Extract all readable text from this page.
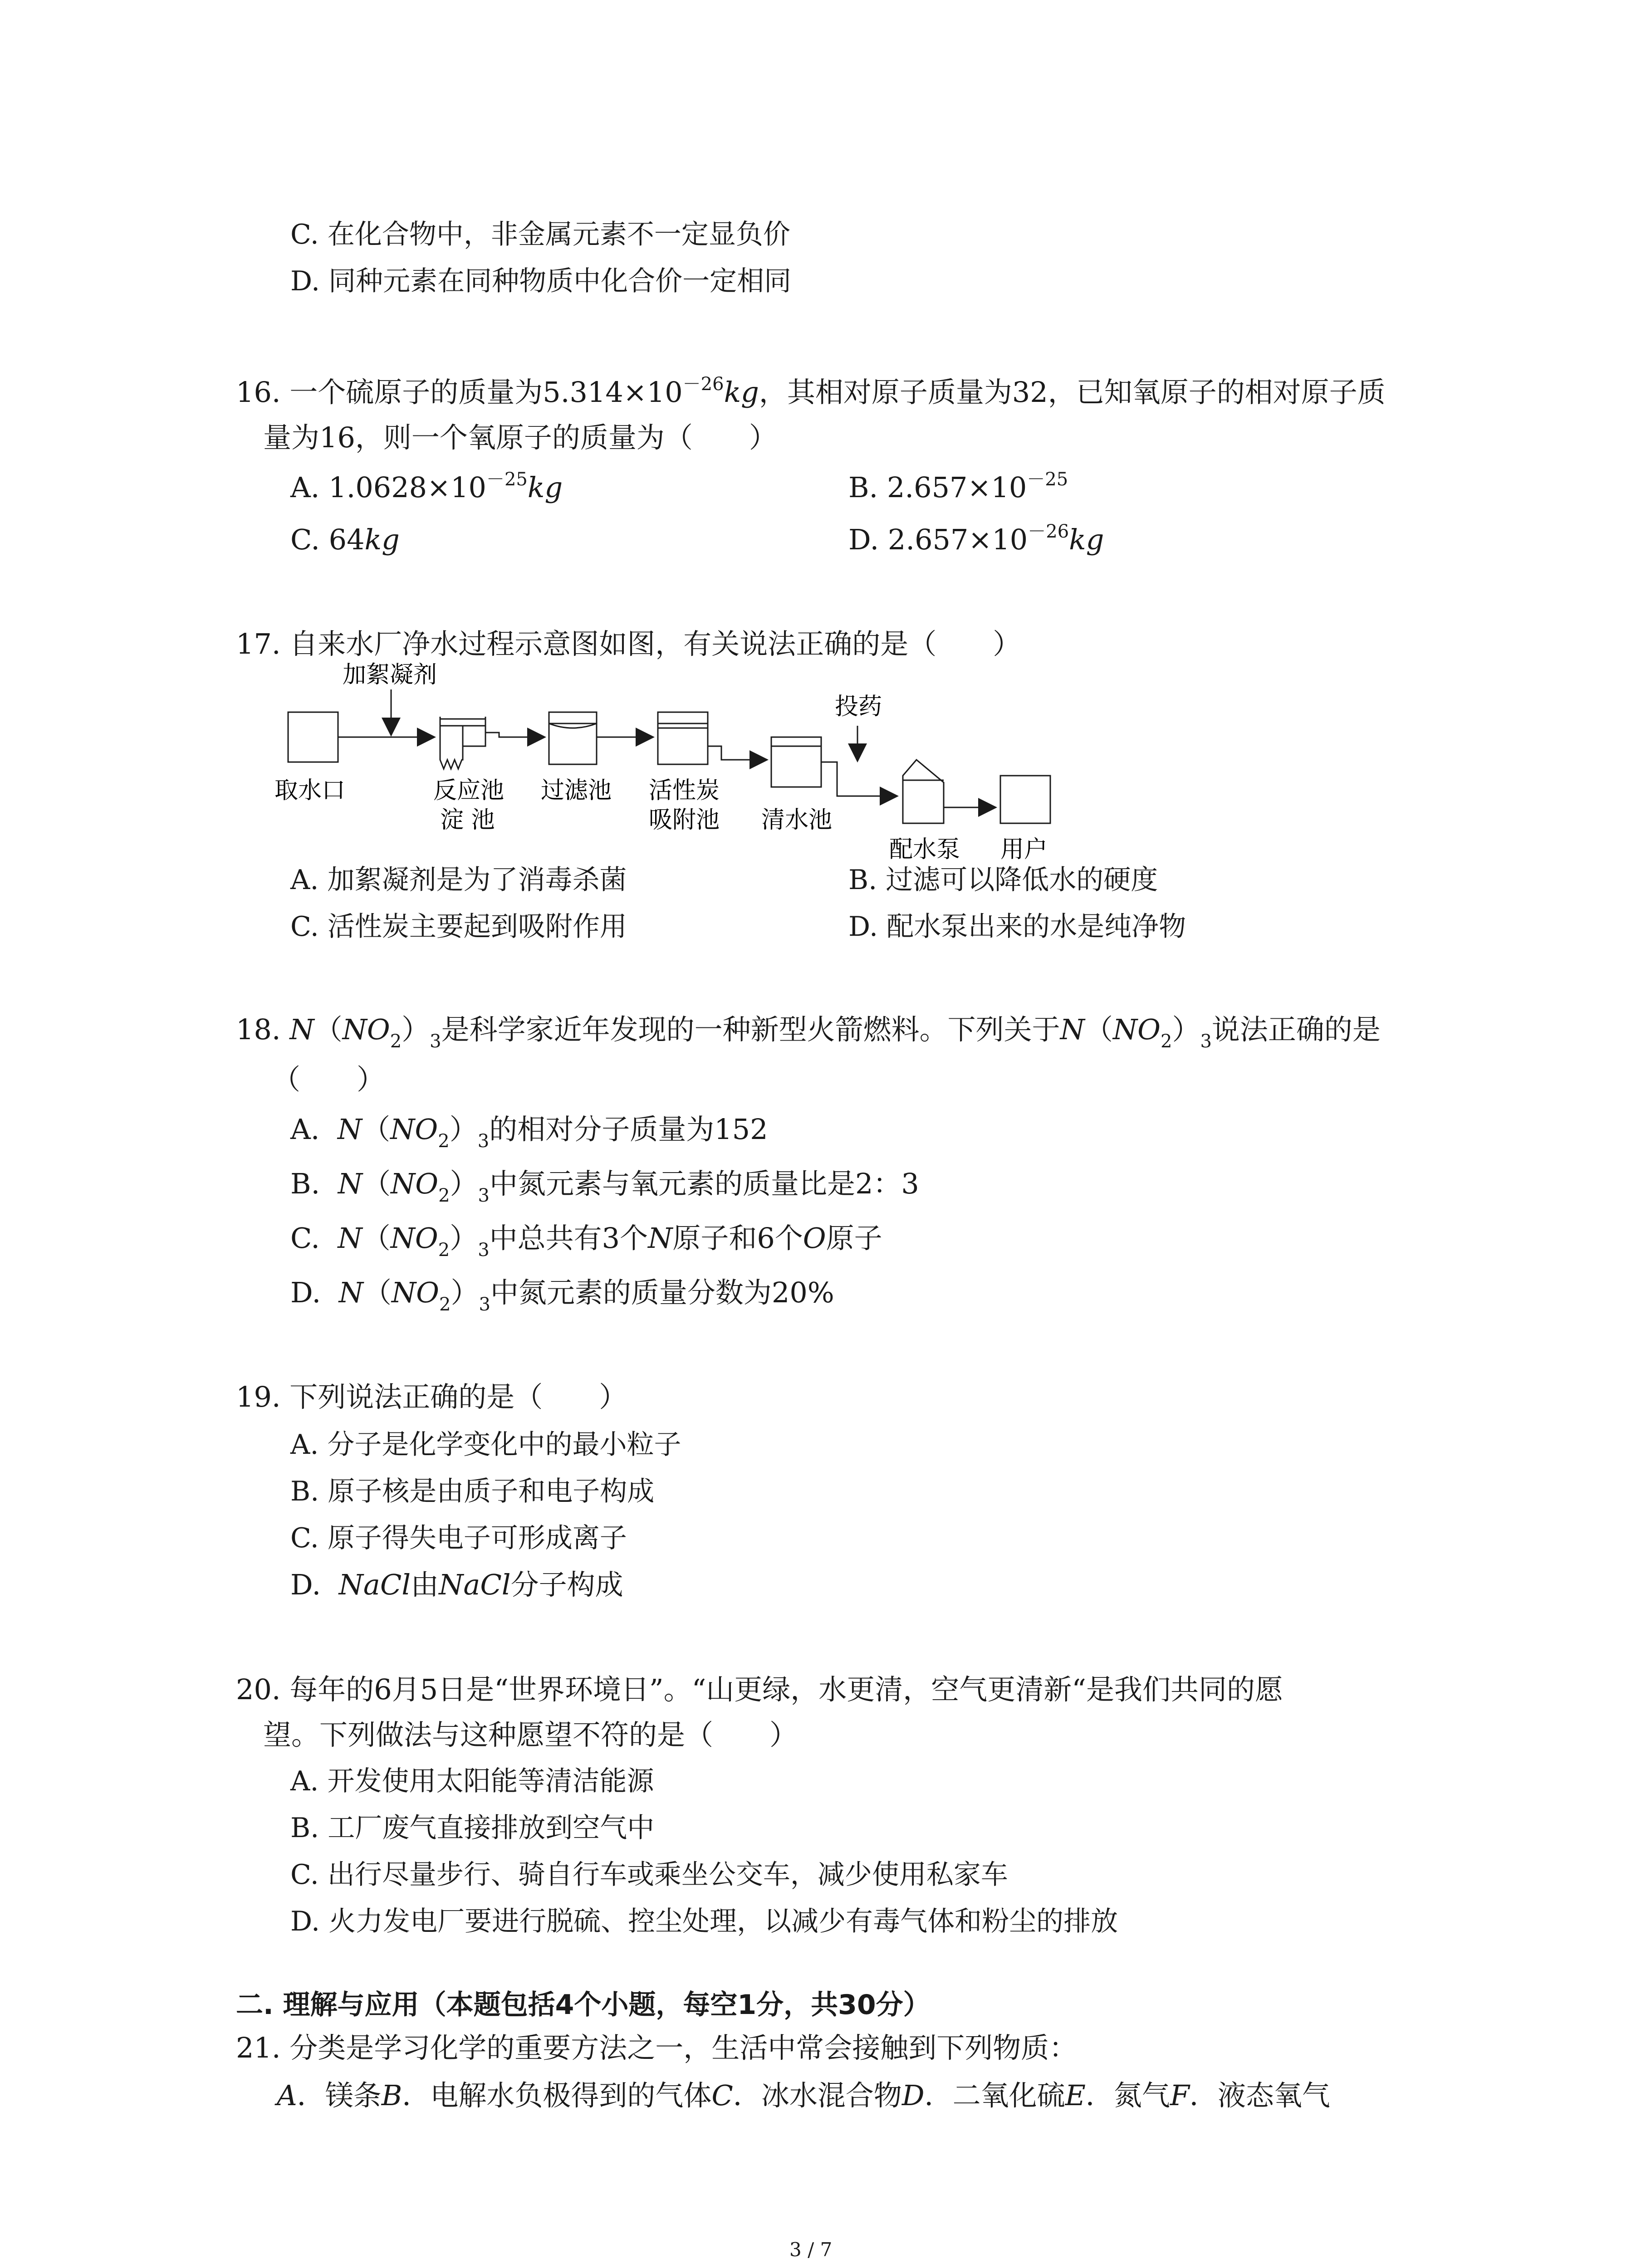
C. 在化合物中，非金属元素不一定显负价
D. 同种元素在同种物质中化合价一定相同
16. 一个硫原子的质量为$5.314\times 10^{-26}kg$，其相对原子质量为32，已知氧原子的相对原子质
量为16，则一个氧原子的质量为（　　）
A. $1.0628\times 10^{-25}kg$	B. $2.657\times 10^{-25}$
C. 64kg	D. $2.657\times 10^{-26}kg$
17. 自来水厂净水过程示意图如图，有关说法正确的是（　　）
加絮凝剂
投药
取水口	反应池
淀 池
过滤池 活性炭
吸附池 清水池
配水泵 用户
A. 加絮凝剂是为了消毒杀菌	B. 过滤可以降低水的硬度
C. 活性炭主要起到吸附作用	D. 配水泵出来的水是纯净物
18. $N(NO_2)_3$是科学家近年发现的一种新型火箭燃料。下列关于$N(NO_2)_3$说法正确的是
（　　）
A. $N(NO_2)_3$的相对分子质量为152
B. $N(NO_2)_3$中氮元素与氧元素的质量比是2：3
C. $N(NO_2)_3$中总共有3个N原子和6个O原子
D. $N(NO_2)_3$中氮元素的质量分数为20%
19. 下列说法正确的是（　　）
A. 分子是化学变化中的最小粒子
B. 原子核是由质子和电子构成
C. 原子得失电子可形成离子
D. NaCl由NaCl分子构成
20. 每年的6月5日是“世界环境日”。“山更绿，水更清，空气更清新“是我们共同的愿
望。下列做法与这种愿望不符的是（　　）
A. 开发使用太阳能等清洁能源
B. 工厂废气直接排放到空气中
C. 出行尽量步行、骑自行车或乘坐公交车，减少使用私家车
D. 火力发电厂要进行脱硫、控尘处理，以减少有毒气体和粉尘的排放
二. 理解与应用（本题包括4个小题，每空1分，共30分）
21. 分类是学习化学的重要方法之一，生活中常会接触到下列物质：
A．镁条B．电解水负极得到的气体C．冰水混合物D．二氧化硫E．氮气F．液态氧气
3 / 7
